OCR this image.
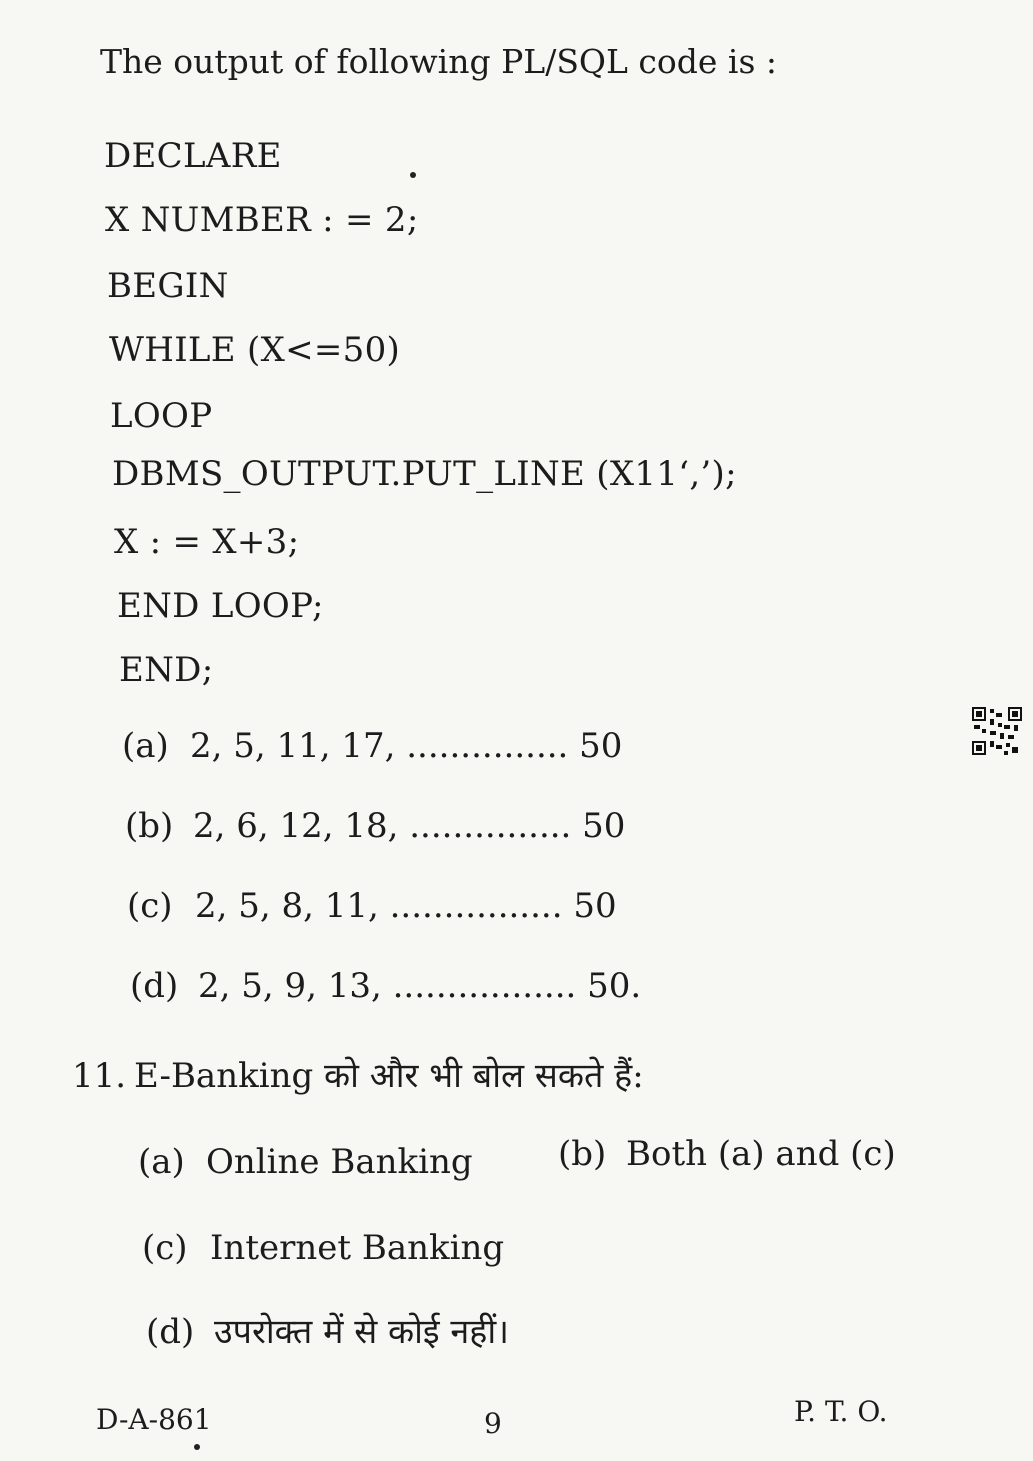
The output of following PL/SQL code is :
DECLARE
X NUMBER : = 2;
BEGIN
WHILE (X<=50)
LOOP
DBMS_OUTPUT.PUT_LINE (X11‘,’);
X : = X+3;
END LOOP;
END;
(a) 2, 5, 11, 17, ............... 50
(b) 2, 6, 12, 18, ............... 50
(c) 2, 5, 8, 11, ................ 50
(d) 2, 5, 9, 13, ................. 50.
11. E-Banking को और भी बोल सकते हैं:
(a) Online Banking	(b) Both (a) and (c)
(c) Internet Banking
(d) उपरोक्त में से कोई नहीं।
D-A-861	9	P. T. O.
